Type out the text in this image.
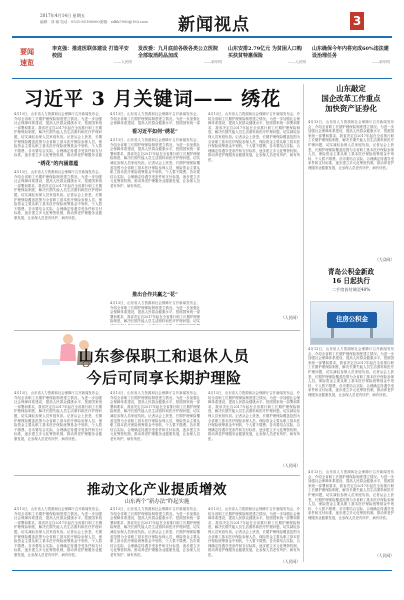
2017年4月14日 星期五
编辑：刘 朝 电话：0531-85196000 邮箱：sdbk7000@163.com 新闻视点	3
要闻
速览
李克强：推进医联体建设 打造平安校园
——人民网
发改委：九月底前各级各类公立医院全部取消药品加成
——新华网
山东安排2.79亿元 为贫困人口购买扶贫特惠保险
——人民网
山东确保今年内将完成60%违法建设治理任务
——新华网
习近平 3 月关键词—— 绣花
4月13日，山东省人力资源和社会保障厅召开新闻发布会，介绍全省职工长期护理保险制度建立情况。为进一步加强社会保障体系建设，提高人民群众健康水平，按照国家统一部署和要求，我省决定自2017年起在全省推行职工长期护理保险制度，解决长期失能人员生活照料和医疗护理问题，切实减轻参保人员家庭负担。记者从会上获悉，长期护理保险覆盖范围为全省职工基本医疗保险参保人员，保险资金主要从职工基本医疗保险统筹基金中划转，个人暂不缴费。各市要结合实际，合理确定待遇享受条件和支付标准，逐步建立多元化筹资机制，推动养老护理服务业健
“绣花”的内涵意蕴
4月13日，山东省人力资源和社会保障厅召开新闻发布会，介绍全省职工长期护理保险制度建立情况。为进一步加强社会保障体系建设，提高人民群众健康水平，按照国家统一部署和要求，我省决定自2017年起在全省推行职工长期护理保险制度，解决长期失能人员生活照料和医疗护理问题，切实减轻参保人员家庭负担。记者从会上获悉，长期护理保险覆盖范围为全省职工基本医疗保险参保人员，保险资金主要从职工基本医疗保险统筹基金中划转，个人暂不缴费。各市要结合实际，合理确定待遇享受条件和支付标准，逐步建立多元化筹资机制，推动养老护理服务业健康发展，让参保人员老有所护，病有所医。
4月13日，山东省人力资源和社会保障厅召开新闻发布会，介绍全省职工长期护理保险制度建立情况。为进一步加强社会保障体系建设，提高人民群众健康水平，按照国家统一部
看习近平如何“绣花”
4月13日，山东省人力资源和社会保障厅召开新闻发布会，介绍全省职工长期护理保险制度建立情况。为进一步加强社会保障体系建设，提高人民群众健康水平，按照国家统一部署和要求，我省决定自2017年起在全省推行职工长期护理保险制度，解决长期失能人员生活照料和医疗护理问题，切实减轻参保人员家庭负担。记者从会上获悉，长期护理保险覆盖范围为全省职工基本医疗保险参保人员，保险资金主要从职工基本医疗保险统筹基金中划转，个人暂不缴费。各市要结合实际，合理确定待遇享受条件和支付标准，逐步建立多元化筹资机制，推动养老护理服务业健康发展，让参保人员老有所护，病有所医。
推出合作共赢之“花”
4月13日，山东省人力资源和社会保障厅召开新闻发布会，介绍全省职工长期护理保险制度建立情况。为进一步加强社会保障体系建设，提高人民群众健康水平，按照国家统一部署和要求，我省决定自2017年起在全省推行职工长期护理保险制度，解决长期失能人员生活照料和医疗护理问题，切实
4月13日，山东省人力资源和社会保障厅召开新闻发布会，介绍全省职工长期护理保险制度建立情况。为进一步加强社会保障体系建设，提高人民群众健康水平，按照国家统一部署和要求，我省决定自2017年起在全省推行职工长期护理保险制度，解决长期失能人员生活照料和医疗护理问题，切实减轻参保人员家庭负担。记者从会上获悉，长期护理保险覆盖范围为全省职工基本医疗保险参保人员，保险资金主要从职工基本医疗保险统筹基金中划转，个人暂不缴费。各市要结合实际，合理确定待遇享受条件和支付标准，逐步建立多元化筹资机制，推动养老护理服务业健康发展，让参保人员老有所护，病有所医。
（人民网）
山东敲定
国企改革工作重点
加快资产证券化
4月13日，山东省人力资源和社会保障厅召开新闻发布会，介绍全省职工长期护理保险制度建立情况。为进一步加强社会保障体系建设，提高人民群众健康水平，按照国家统一部署和要求，我省决定自2017年起在全省推行职工长期护理保险制度，解决长期失能人员生活照料和医疗护理问题，切实减轻参保人员家庭负担。记者从会上获悉，长期护理保险覆盖范围为全省职工基本医疗保险参保人员，保险资金主要从职工基本医疗保险统筹基金中划转，个人暂不缴费。各市要结合实际，合理确定待遇享受条件和支付标准，逐步建立多元化筹资机制，推动养老护理服务业健康发展，让参保人员老有所护，病有所医。
（大众网）
青岛公积金新政
16 日起执行
二手房首付调至40%
住房公积金
4月13日，山东省人力资源和社会保障厅召开新闻发布会，介绍全省职工长期护理保险制度建立情况。为进一步加强社会保障体系建设，提高人民群众健康水平，按照国家统一部署和要求，我省决定自2017年起在全省推行职工长期护理保险制度，解决长期失能人员生活照料和医疗护理问题，切实减轻参保人员家庭负担。记者从会上获悉，长期护理保险覆盖范围为全省职工基本医疗保险参保人员，保险资金主要从职工基本医疗保险统筹基金中划转，个人暂不缴费。各市要结合实际，合理确定待遇享受条件和支付标准，逐步建立多元化筹资机制，推动养老护理服务业健康发展，让参保人员老有所护，病有所医。
山东参保职工和退休人员
今后可同享长期护理险
4月13日，山东省人力资源和社会保障厅召开新闻发布会，介绍全省职工长期护理保险制度建立情况。为进一步加强社会保障体系建设，提高人民群众健康水平，按照国家统一部署和要求，我省决定自2017年起在全省推行职工长期护理保险制度，解决长期失能人员生活照料和医疗护理问题，切实减轻参保人员家庭负担。记者从会上获悉，长期护理保险覆盖范围为全省职工基本医疗保险参保人员，保险资金主要从职工基本医疗保险统筹基金中划转，个人暂不缴费。各市要结合实际，合理确定待遇享受条件和支付标准，逐步建立多元化筹资机制，推动养老护理服务业健康发展，让参保人员老有所护，病有所医。
4月13日，山东省人力资源和社会保障厅召开新闻发布会，介绍全省职工长期护理保险制度建立情况。为进一步加强社会保障体系建设，提高人民群众健康水平，按照国家统一部署和要求，我省决定自2017年起在全省推行职工长期护理保险制度，解决长期失能人员生活照料和医疗护理问题，切实减轻参保人员家庭负担。记者从会上获悉，长期护理保险覆盖范围为全省职工基本医疗保险参保人员，保险资金主要从职工基本医疗保险统筹基金中划转，个人暂不缴费。各市要结合实际，合理确定待遇享受条件和支付标准，逐步建立多元化筹资机制，推动养老护理服务业健康发展，让参保人员老有所护，病有所医。
4月13日，山东省人力资源和社会保障厅召开新闻发布会，介绍全省职工长期护理保险制度建立情况。为进一步加强社会保障体系建设，提高人民群众健康水平，按照国家统一部署和要求，我省决定自2017年起在全省推行职工长期护理保险制度，解决长期失能人员生活照料和医疗护理问题，切实减轻参保人员家庭负担。记者从会上获悉，长期护理保险覆盖范围为全省职工基本医疗保险参保人员，保险资金主要从职工基本医疗保险统筹基金中划转，个人暂不缴费。各市要结合实际，合理确定待遇享受条件和支付标准，逐步建立多元化筹资机制，推动养老护理服务业健康发展，让参保人员老有所护，病有所医。
（人民网）
4月13日，山东省人力资源和社会保障厅召开新闻发布会，介绍全省职工长期护理保险制度建立情况。为进一步加强社会保障体系建设，提高人民群众健康水平，按照国家统一部署和要求，我省决定自2017年起在全省推行职工长期护理保险制度，解决长期失能人员生活照料和医疗护理问题，切实减轻参保人员家庭负担。记者从会上获悉，长期护理保险覆盖范围为全省职工基本医疗保险参保人员，保险资金主要从职工基本医疗保险统筹基金中划转，个人暂不缴费。各市要结合实际，合理确定待遇享受条件和支付标准，逐步建立多元化筹资机制，推动养老护理服务业健康发展，让参保人员老有所护，病有所医。
（人民网）
推动文化产业提质增效
山东两个“新办法”昨起实施
4月13日，山东省人力资源和社会保障厅召开新闻发布会，介绍全省职工长期护理保险制度建立情况。为进一步加强社会保障体系建设，提高人民群众健康水平，按照国家统一部署和要求，我省决定自2017年起在全省推行职工长期护理保险制度，解决长期失能人员生活照料和医疗护理问题，切实减轻参保人员家庭负担。记者从会上获悉，长期护理保险覆盖范围为全省职工基本医疗保险参保人员，保险资金主要从职工基本医疗保险统筹基金中划转，个人暂不缴费。各市要结合实际，合理确定待遇享受条件和支付标准，逐步建立多元化筹资机制，推动养老护理服务业健康发展，让参保人员老有所护，病有所医。
4月13日，山东省人力资源和社会保障厅召开新闻发布会，介绍全省职工长期护理保险制度建立情况。为进一步加强社会保障体系建设，提高人民群众健康水平，按照国家统一部署和要求，我省决定自2017年起在全省推行职工长期护理保险制度，解决长期失能人员生活照料和医疗护理问题，切实减轻参保人员家庭负担。记者从会上获悉，长期护理保险覆盖范围为全省职工基本医疗保险参保人员，保险资金主要从职工基本医疗保险统筹基金中划转，个人暂不缴费。各市要结合实际，合理确定待遇享受条件和支付标准，逐步建立多元化筹资机制，推动养老护理服务业健康发展，让参保人员老有所护，病有所医。
4月13日，山东省人力资源和社会保障厅召开新闻发布会，介绍全省职工长期护理保险制度建立情况。为进一步加强社会保障体系建设，提高人民群众健康水平，按照国家统一部署和要求，我省决定自2017年起在全省推行职工长期护理保险制度，解决长期失能人员生活照料和医疗护理问题，切实减轻参保人员家庭负担。记者从会上获悉，长期护理保险覆盖范围为全省职工基本医疗保险参保人员，保险资金主要从职工基本医疗保险统筹基金中划转，个人暂不缴费。各市要结合实际，合理确定待遇享受条件和支付标准，逐步建立多元化筹资机制，推动养老护理服务业健康发展，让参保人员老有所护，病有所医。
（人民网）
